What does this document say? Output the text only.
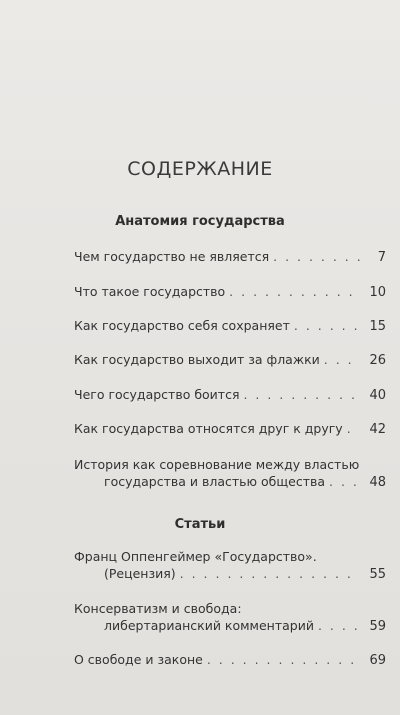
СОДЕРЖАНИЕ
Анатомия государства
Чем государство не является . . .	7
Что такое государство . . .	10
Как государство себя сохраняет . . .	15
Как государство выходит за флажки . . .	26
Чего государство боится . . .	40
Как государства относятся друг к другу . . .	42
История как соревнование между властью
государства и властью общества . . .	48
Статьи
Франц Оппенгеймер «Государство».
(Рецензия) . . .	55
Консерватизм и свобода:
либертарианский комментарий . . .	59
О свободе и законе . . .	69
